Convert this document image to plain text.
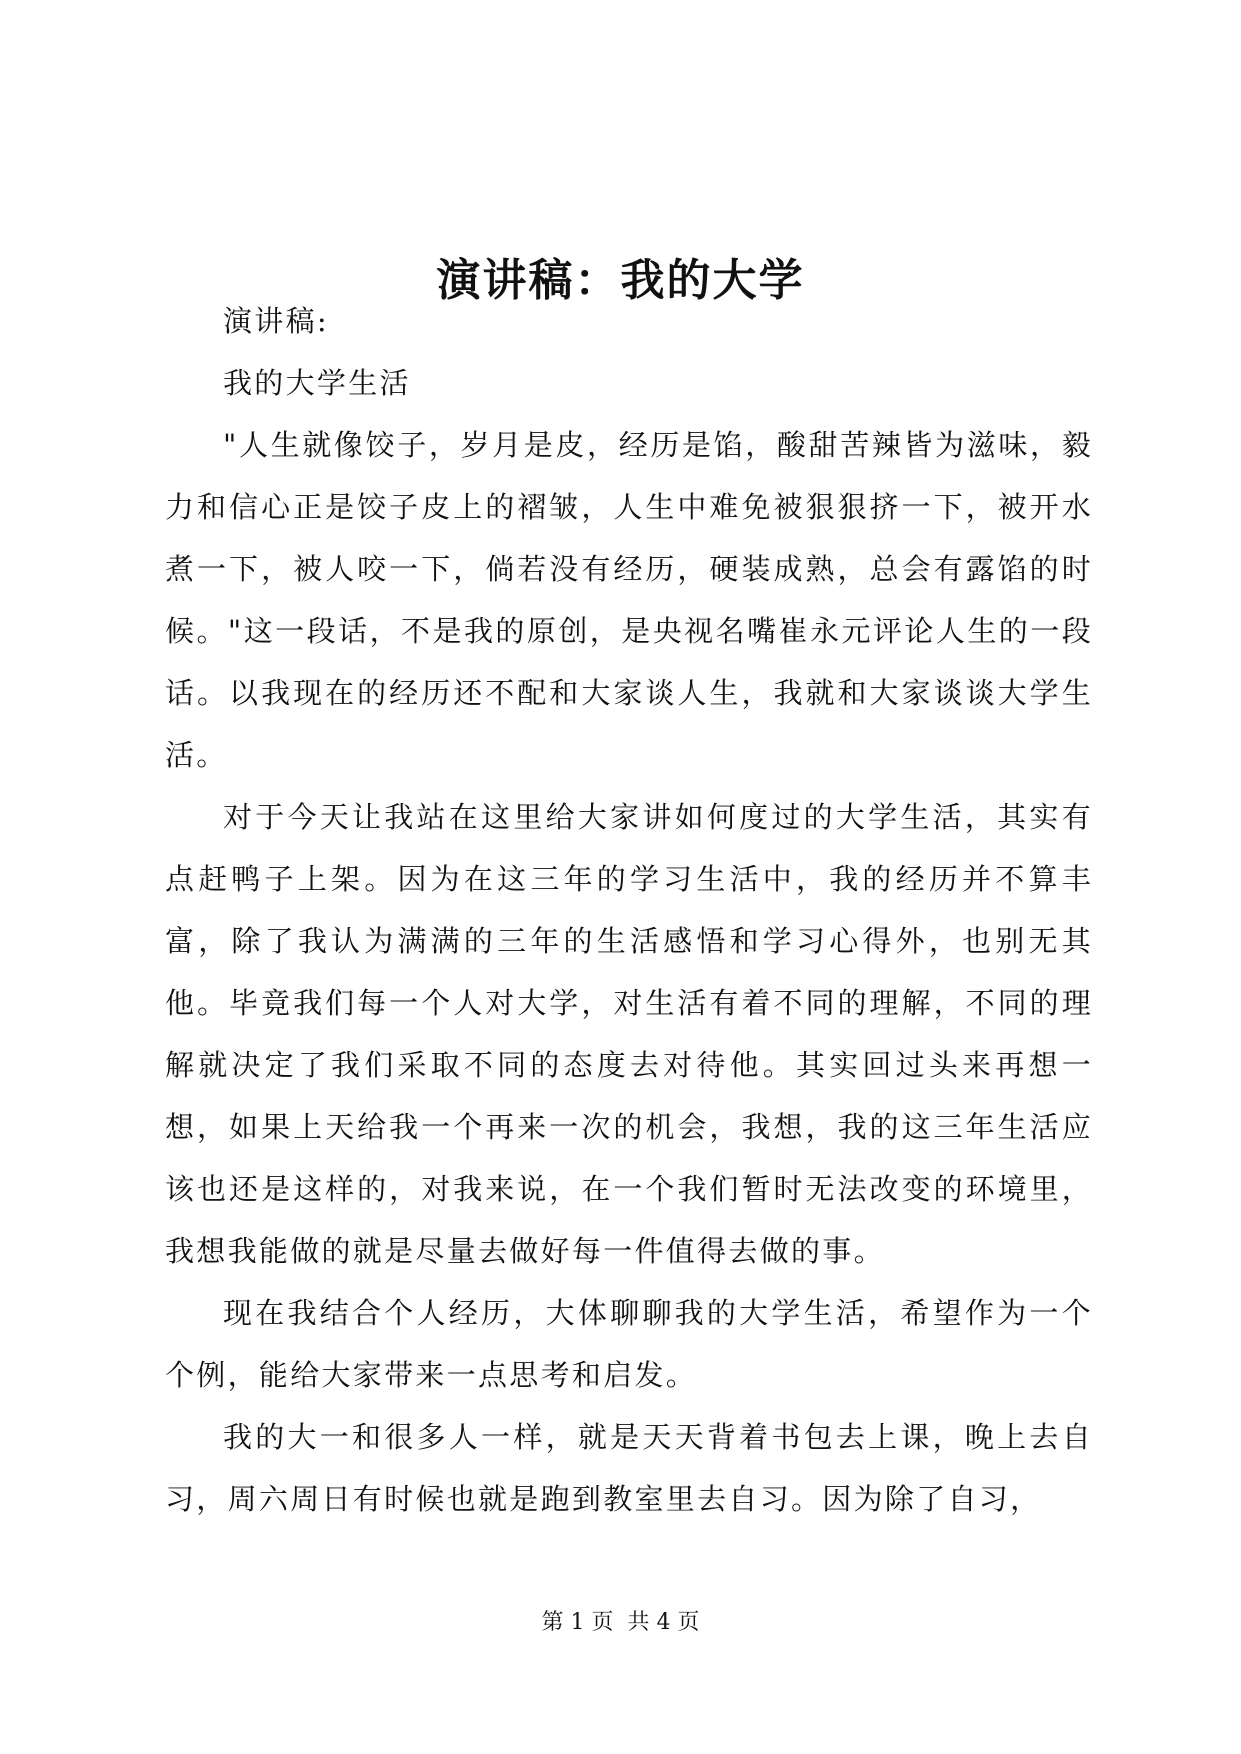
演讲稿：我的大学

演讲稿:

我的大学生活

"人生就像饺子，岁月是皮，经历是馅，酸甜苦辣皆为滋味，毅力和信心正是饺子皮上的褶皱，人生中难免被狠狠挤一下，被开水煮一下，被人咬一下，倘若没有经历，硬装成熟，总会有露馅的时候。"这一段话，不是我的原创，是央视名嘴崔永元评论人生的一段话。以我现在的经历还不配和大家谈人生，我就和大家谈谈大学生活。

对于今天让我站在这里给大家讲如何度过的大学生活，其实有点赶鸭子上架。因为在这三年的学习生活中，我的经历并不算丰富，除了我认为满满的三年的生活感悟和学习心得外，也别无其他。毕竟我们每一个人对大学，对生活有着不同的理解，不同的理解就决定了我们采取不同的态度去对待他。其实回过头来再想一想，如果上天给我一个再来一次的机会，我想，我的这三年生活应该也还是这样的，对我来说，在一个我们暂时无法改变的环境里，我想我能做的就是尽量去做好每一件值得去做的事。

现在我结合个人经历，大体聊聊我的大学生活，希望作为一个个例，能给大家带来一点思考和启发。

我的大一和很多人一样，就是天天背着书包去上课，晚上去自习，周六周日有时候也就是跑到教室里去自习。因为除了自习，

第 1 页  共 4 页
